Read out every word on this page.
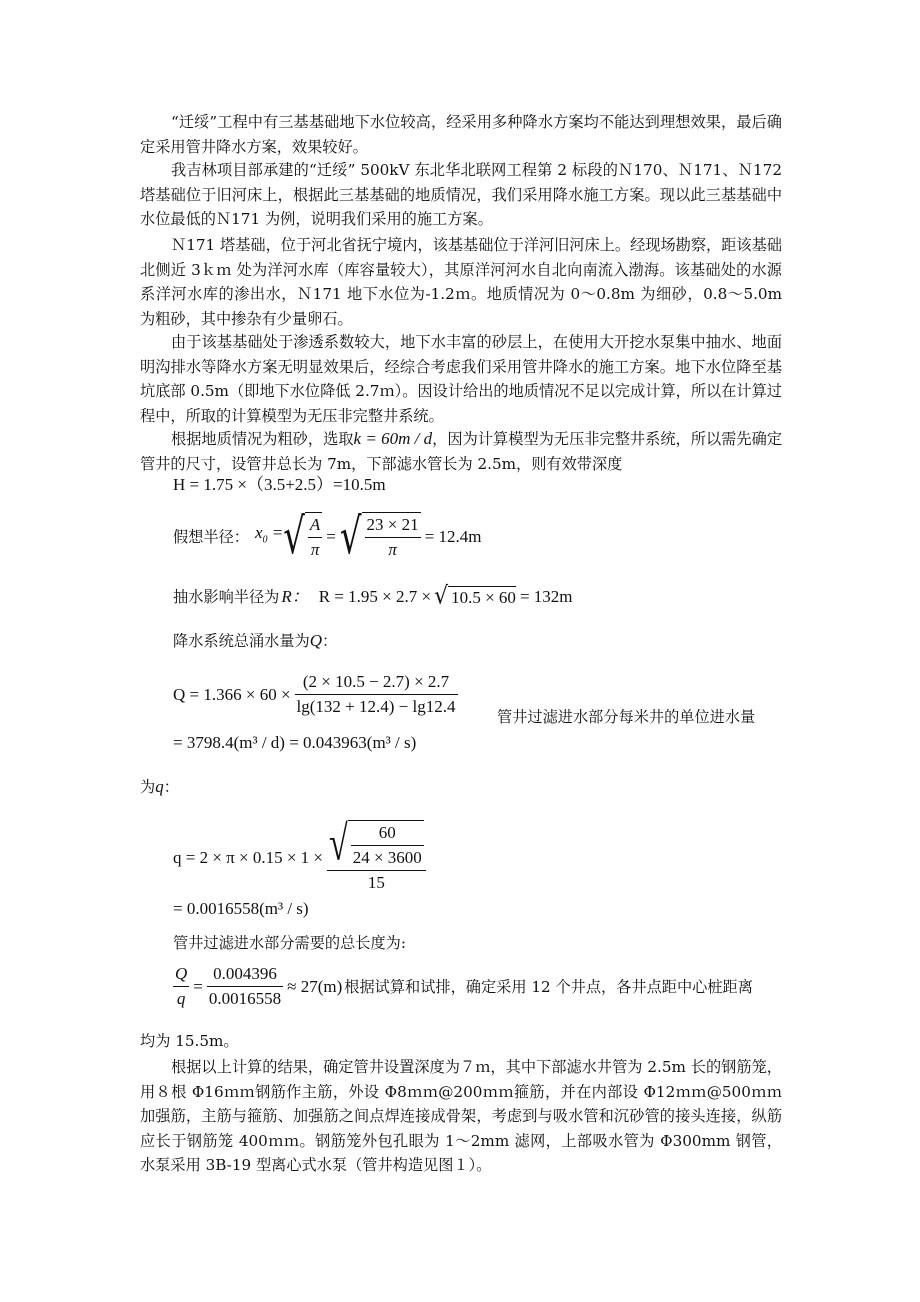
“迁绥”工程中有三基基础地下水位较高，经采用多种降水方案均不能达到理想效果，最后确定采用管井降水方案，效果较好。

我吉林项目部承建的“迁绥” 500kV 东北华北联网工程第 2 标段的Ｎ170、Ｎ171、Ｎ172 塔基础位于旧河床上，根据此三基基础的地质情况，我们采用降水施工方案。现以此三基基础中水位最低的Ｎ171 为例，说明我们采用的施工方案。

Ｎ171 塔基础，位于河北省抚宁境内，该基基础位于洋河旧河床上。经现场勘察，距该基础北侧近 3ｋｍ 处为洋河水库（库容量较大），其原洋河河水自北向南流入渤海。该基础处的水源系洋河水库的渗出水，Ｎ171 地下水位为-1.2ｍ。地质情况为 0～0.8m 为细砂，0.8～5.0m 为粗砂，其中掺杂有少量卵石。

由于该基基础处于渗透系数较大，地下水丰富的砂层上，在使用大开挖水泵集中抽水、地面明沟排水等降水方案无明显效果后，经综合考虑我们采用管井降水的施工方案。地下水位降至基坑底部 0.5m（即地下水位降低 2.7ｍ）。因设计给出的地质情况不足以完成计算，所以在计算过程中，所取的计算模型为无压非完整井系统。

根据地质情况为粗砂，选取k = 60m / d，因为计算模型为无压非完整井系统，所以需先确定管井的尺寸，设管井总长为 7m，下部滤水管长为 2.5m，则有效带深度

H = 1.75 ×（3.5+2.5）=10.5m
假想半径： $x_0$ = √ $\frac{A}{\pi}$ = √ $\frac{23 \times 21}{\pi} = 12.4m$
抽水影响半径为 R： R = 1.95 × 2.7 × √ 10.5 × 60 = 132m
降水系统总涌水量为Q：
$Q = 1.366 \times 60 \times \frac{(2 \times 10.5 - 2.7) \times 2.7}{\lg(132 + 12.4) - \lg 12.4}$	管井过滤进水部分每米井的单位进水量
= 3798.4(m³ / d) = 0.043963(m³ / s)
为q：
$q = 2 \times \pi \times 0.15 \times 1 \times \frac{√ \frac{60}{24 \times 3600}}{15}$
= 0.0016558(m³ / s)
管井过滤进水部分需要的总长度为:
$\frac{Q}{q} = \frac{0.004396}{0.0016558} \approx 27(m)$ 根据试算和试排，确定采用 12 个井点，各井点距中心桩距离
均为 15.5m。

根据以上计算的结果，确定管井设置深度为７ｍ，其中下部滤水井管为 2.5m 长的钢筋笼，用８根 Φ16ｍｍ钢筋作主筋，外设 Φ8ｍｍ@200ｍｍ箍筋，并在内部设 Φ12ｍｍ@500ｍｍ加强筋，主筋与箍筋、加强筋之间点焊连接成骨架，考虑到与吸水管和沉砂管的接头连接，纵筋应长于钢筋笼 400ｍｍ。钢筋笼外包孔眼为 1～2mm 滤网，上部吸水管为 Φ300mm 钢管，水泵采用 3B-19 型离心式水泵（管井构造见图１）。
